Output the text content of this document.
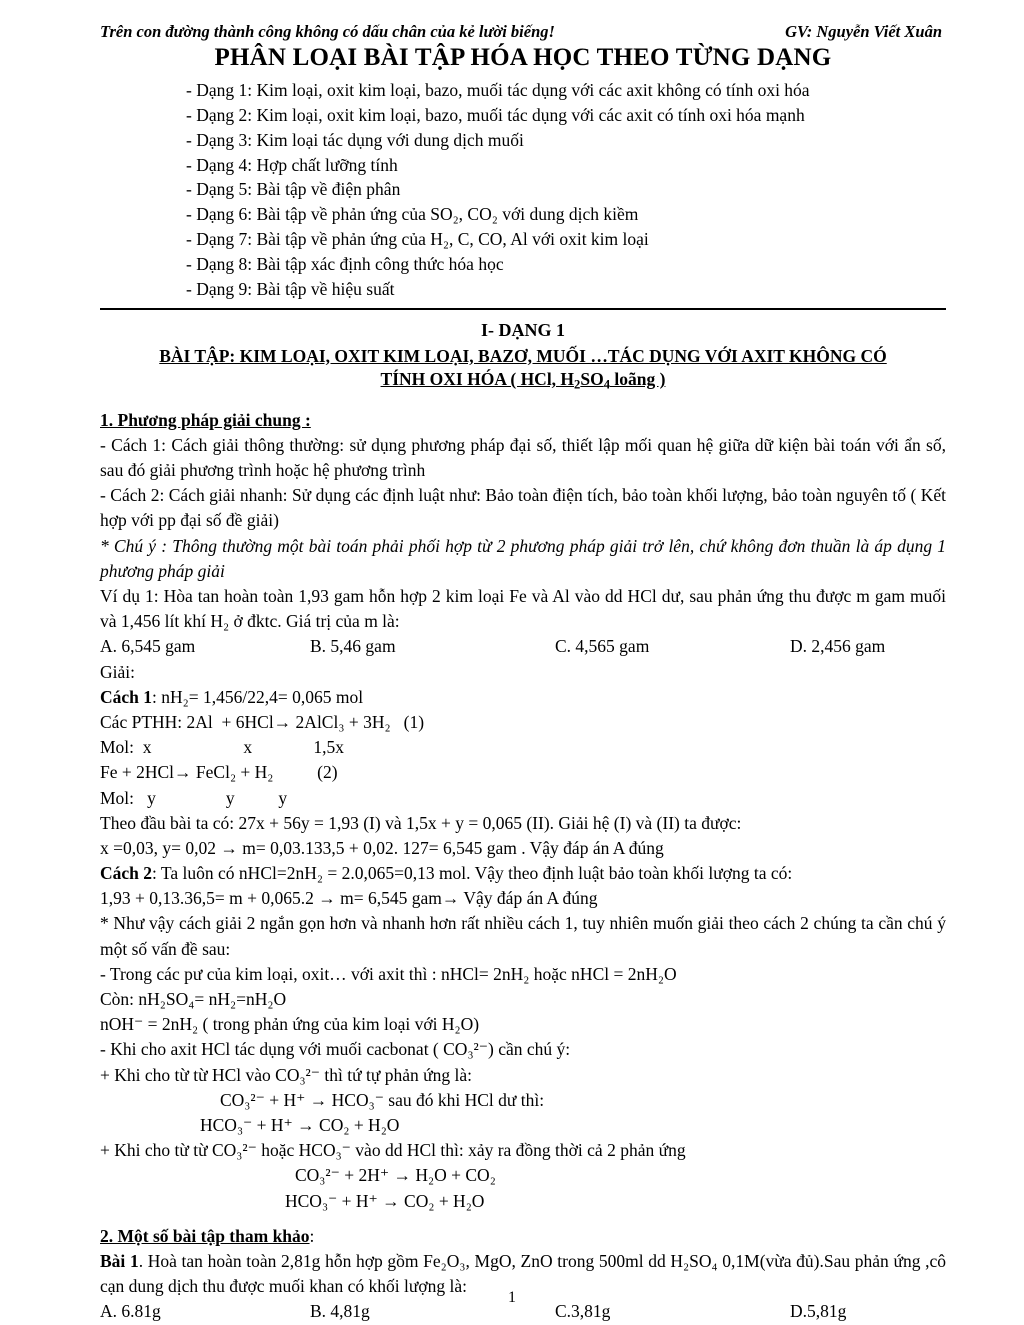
Trên con đường thành công không có dấu chân của kẻ lười biếng!	GV: Nguyễn Viết Xuân
PHÂN LOẠI BÀI TẬP HÓA HỌC THEO TỪNG DẠNG
- Dạng 1: Kim loại, oxit kim loại, bazo, muối tác dụng với các axit không có tính oxi hóa
- Dạng 2: Kim loại, oxit kim loại, bazo, muối tác dụng với các axit có tính oxi hóa mạnh
- Dạng 3: Kim loại tác dụng với dung dịch muối
- Dạng 4: Hợp chất lưỡng tính
- Dạng 5: Bài tập về điện phân
- Dạng 6: Bài tập về phản ứng của SO₂, CO₂ với dung dịch kiềm
- Dạng 7: Bài tập về phản ứng của H₂, C, CO, Al với oxit kim loại
- Dạng 8: Bài tập xác định công thức hóa học
- Dạng 9: Bài tập về hiệu suất
I- DẠNG 1
BÀI TẬP: KIM LOẠI, OXIT KIM LOẠI, BAZƠ, MUỐI …TÁC DỤNG VỚI AXIT KHÔNG CÓ
TÍNH OXI HÓA ( HCl, $H_2SO_4$ loãng )

1. Phương pháp giải chung :

- Cách 1: Cách giải thông thường: sử dụng phương pháp đại số, thiết lập mối quan hệ giữa dữ kiện bài toán với ẩn số, sau đó giải phương trình hoặc hệ phương trình

- Cách 2: Cách giải nhanh: Sử dụng các định luật như: Bảo toàn điện tích, bảo toàn khối lượng, bảo toàn nguyên tố ( Kết hợp với pp đại số đề giải)

* Chú ý : Thông thường một bài toán phải phối hợp từ 2 phương pháp giải trở lên, chứ không đơn thuần là áp dụng 1 phương pháp giải

Ví dụ 1: Hòa tan hoàn toàn 1,93 gam hỗn hợp 2 kim loại Fe và Al vào dd HCl dư, sau phản ứng thu được m gam muối và 1,456 lít khí H₂ ở đktc. Giá trị của m là:

A. 6,545 gam	B. 5,46 gam	C. 4,565 gam	D. 2,456 gam

Giải:

Cách 1: nH₂= 1,456/22,4= 0,065 mol

Các PTHH: 2Al  + 6HCl→ 2AlCl₃ + 3H₂   (1)

Mol:  x                     x              1,5x

Fe + 2HCl→ FeCl₂ + H₂          (2)

Mol:   y                y          y

Theo đầu bài ta có: 27x + 56y = 1,93 (I) và 1,5x + y = 0,065 (II). Giải hệ (I) và (II) ta được:

x =0,03, y= 0,02 → m= 0,03.133,5 + 0,02. 127= 6,545 gam . Vậy đáp án A đúng

Cách 2: Ta luôn có nHCl=2nH₂ = 2.0,065=0,13 mol. Vậy theo định luật bảo toàn khối lượng ta có:

1,93 + 0,13.36,5= m + 0,065.2 → m= 6,545 gam→ Vậy đáp án A đúng

* Như vậy cách giải 2 ngắn gọn hơn và nhanh hơn rất nhiều cách 1, tuy nhiên muốn giải theo cách 2 chúng ta cần chú ý một số vấn đề sau:

- Trong các pư của kim loại, oxit… với axit thì : nHCl= 2nH₂ hoặc nHCl = 2nH₂O

Còn: nH₂SO₄= nH₂=nH₂O

nOH⁻ = 2nH₂ ( trong phản ứng của kim loại với H₂O)

- Khi cho axit HCl tác dụng với muối cacbonat ( CO₃²⁻) cần chú ý:

+ Khi cho từ từ HCl vào CO₃²⁻ thì tứ tự phản ứng là:

CO₃²⁻ + H⁺ → HCO₃⁻ sau đó khi HCl dư thì:

HCO₃⁻ + H⁺ → CO₂ + H₂O

+ Khi cho từ từ CO₃²⁻ hoặc HCO₃⁻ vào dd HCl thì: xảy ra đồng thời cả 2 phản ứng

CO₃²⁻ + 2H⁺ → H₂O + CO₂

HCO₃⁻ + H⁺ → CO₂ + H₂O

2. Một số bài tập tham khảo:

Bài 1. Hoà tan hoàn toàn 2,81g hỗn hợp gồm Fe₂O₃, MgO, ZnO trong 500ml dd H₂SO₄ 0,1M(vừa đủ).Sau phản ứng ,cô cạn dung dịch thu được muối khan có khối lượng là:

A. 6.81g	B. 4,81g	C.3,81g	D.5,81g
1
